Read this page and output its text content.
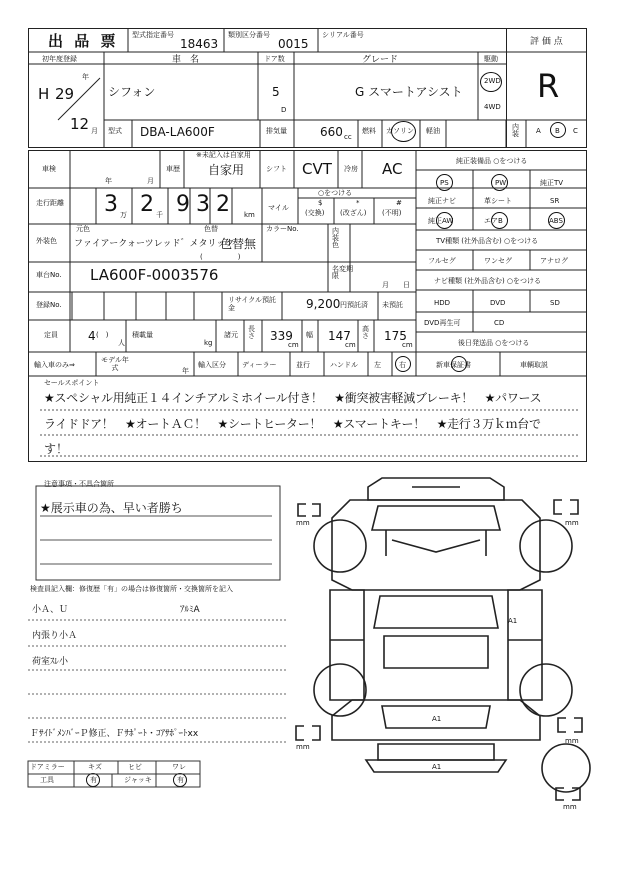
出 品 票 型式指定番号
18463
類別区分番号
0015
シリアル番号
評 価 点
R
初年度登録
H 29
年
12 月
車　名
シフォン
ドア数
5
D
グレード
G スマートアシスト
駆動
2WD
4WD
型式 DBA-LA600F	排気量	660 cc
燃料 ガソリン 軽油	内装 A B C
車検
年	月
※未記入は自家用
車歴 自家用	シフト CVT 冷房 AC
走行距離 3 万 2 千 9 3 2 km
マイル
○をつける
$
(交換)
*
(改ざん)
#
(不明)
外装色
元色	色替
ファイアークォーツレッド゛メタリック
色替無
(　　　　　)
カラーNo.	内装色
車台No. LA600F-0003576	名変期限
月 日
登録No.
リサイクル預託金	9,200 円預託済 未預託
定員	4 (　)
人
積載量
kg
諸元
長さ 339
cm
幅 147
cm
高さ 175
cm
輸入車のみ⇒
モデル年式	年
輸入区分 ディーラー	並行	ハンドル 左	右
純正装備品 ○をつける
PS	PW	純正TV
純正ナビ	革シート	SR
純正AW	エアB	ABS
TV種類 (社外品含む) ○をつける
フルセグ	ワンセグ	アナログ
ナビ種類 (社外品含む) ○をつける
HDD	DVD	SD
DVD再生可	CD
後日発送品 ○をつける
新車保証書	車輌取説
セールスポイント
★スペシャル用純正１４インチアルミホイール付き！　★衝突被害軽減ブレーキ！　★パワース
ライドドア！　★オートＡＣ！　★シートヒーター！　★スマートキー！　★走行３万ｋｍ台で
す！
注意事項・不具合箇所
★展示車の為、早い者勝ち
検査員記入欄：修復歴「有」の場合は修復箇所・交換箇所を記入
小Ａ、Ｕ	ｱﾙﾐA
内張り小Ａ
荷室ｽﾚ小
ＦｻｲﾄﾞﾒﾝﾊﾞｰＰ修正、Ｆｻﾎﾟｰﾄ・ｺｱｻﾎﾟｰﾄxx
ドアミラー	キズ	ヒビ	ワレ
工具	有	ジャッキ	有
A1
A1
A1
mm	mm
mm
mm
mm
